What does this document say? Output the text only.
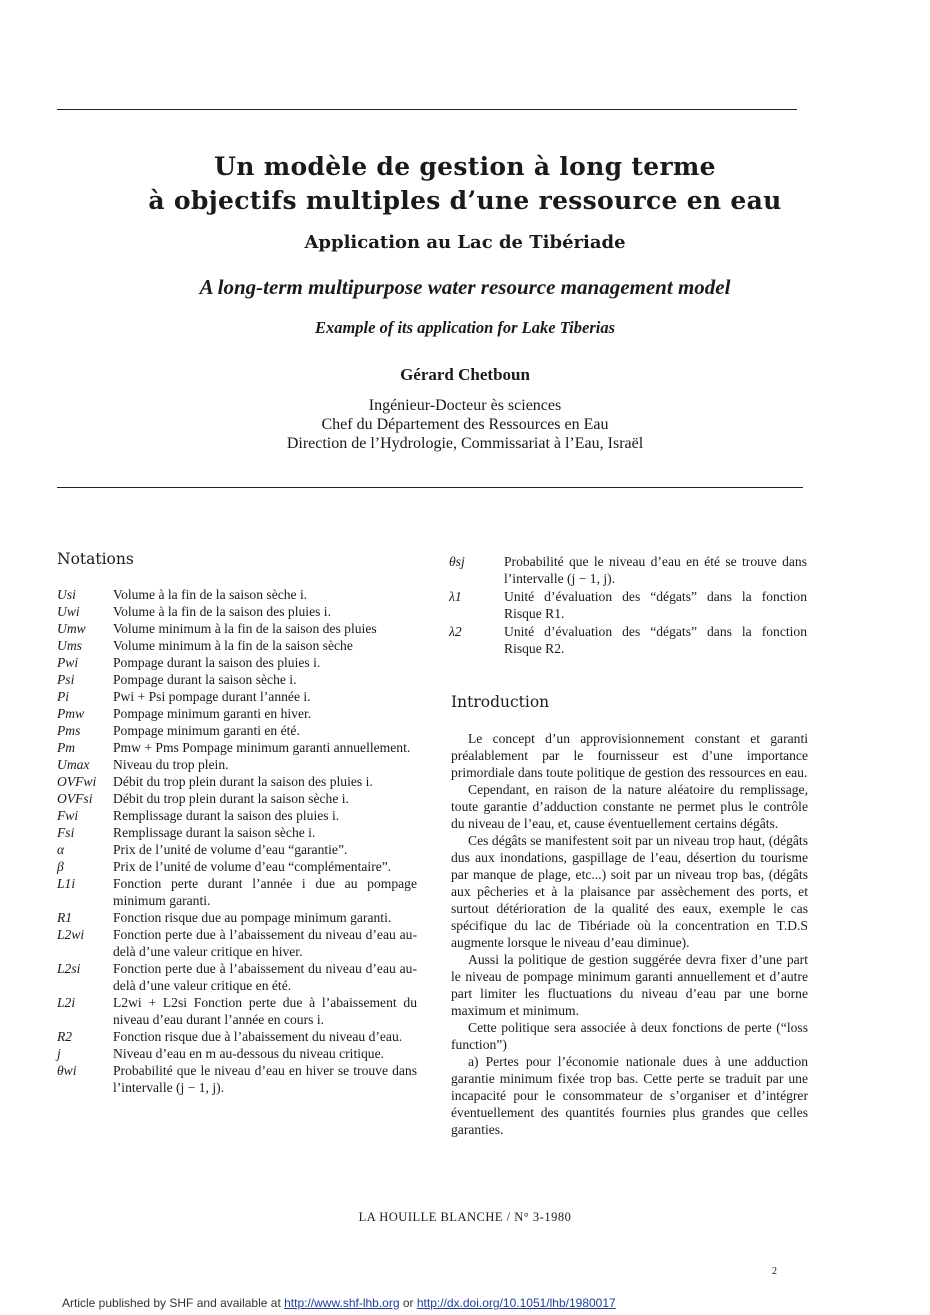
Un modèle de gestion à long terme
à objectifs multiples d’une ressource en eau
Application au Lac de Tibériade
A long-term multipurpose water resource management model
Example of its application for Lake Tiberias
Gérard Chetboun
Ingénieur-Docteur ès sciences
Chef du Département des Ressources en Eau
Direction de l’Hydrologie, Commissariat à l’Eau, Israël
Notations
Usi	Volume à la fin de la saison sèche i.
Uwi	Volume à la fin de la saison des pluies i.
Umw	Volume minimum à la fin de la saison des pluies
Ums	Volume minimum à la fin de la saison sèche
Pwi	Pompage durant la saison des pluies i.
Psi	Pompage durant la saison sèche i.
Pi	Pwi + Psi pompage durant l’année i.
Pmw	Pompage minimum garanti en hiver.
Pms	Pompage minimum garanti en été.
Pm	Pmw + Pms Pompage minimum garanti annuellement.
Umax	Niveau du trop plein.
OVFwi	Débit du trop plein durant la saison des pluies i.
OVFsi	Débit du trop plein durant la saison sèche i.
Fwi	Remplissage durant la saison des pluies i.
Fsi	Remplissage durant la saison sèche i.
α	Prix de l’unité de volume d’eau “garantie”.
β	Prix de l’unité de volume d’eau “complémentaire”.
L1i	Fonction perte durant l’année i due au pompage minimum garanti.
R1	Fonction risque due au pompage minimum garanti.
L2wi	Fonction perte due à l’abaissement du niveau d’eau au-delà d’une valeur critique en hiver.
L2si	Fonction perte due à l’abaissement du niveau d’eau au-delà d’une valeur critique en été.
L2i	L2wi + L2si Fonction perte due à l’abaissement du niveau d’eau durant l’année en cours i.
R2	Fonction risque due à l’abaissement du niveau d’eau.
j	Niveau d’eau en m au-dessous du niveau critique.
θwi	Probabilité que le niveau d’eau en hiver se trouve dans l’intervalle (j − 1, j).
θsj	Probabilité que le niveau d’eau en été se trouve dans l’intervalle (j − 1, j).
λ1	Unité d’évaluation des “dégats” dans la fonction Risque R1.
λ2	Unité d’évaluation des “dégats” dans la fonction Risque R2.
Introduction

Le concept d’un approvisionnement constant et garanti préalablement par le fournisseur est d’une importance primordiale dans toute politique de gestion des ressources en eau.

Cependant, en raison de la nature aléatoire du remplissage, toute garantie d’adduction constante ne permet plus le contrôle du niveau de l’eau, et, cause éventuellement certains dégâts.

Ces dégâts se manifestent soit par un niveau trop haut, (dégâts dus aux inondations, gaspillage de l’eau, désertion du tourisme par manque de plage, etc...) soit par un niveau trop bas, (dégâts aux pêcheries et à la plaisance par assèchement des ports, et surtout détérioration de la qualité des eaux, exemple le cas spécifique du lac de Tibériade où la concentration en T.D.S augmente lorsque le niveau d’eau diminue).

Aussi la politique de gestion suggérée devra fixer d’une part le niveau de pompage minimum garanti annuellement et d’autre part limiter les fluctuations du niveau d’eau par une borne maximum et minimum.

Cette politique sera associée à deux fonctions de perte (“loss function”)

a) Pertes pour l’économie nationale dues à une adduction garantie minimum fixée trop bas. Cette perte se traduit par une incapacité pour le consommateur de s’organiser et d’intégrer éventuellement des quantités fournies plus grandes que celles garanties.

LA HOUILLE BLANCHE / N° 3-1980
2
Article published by SHF and available at http://www.shf-lhb.org or http://dx.doi.org/10.1051/lhb/1980017
